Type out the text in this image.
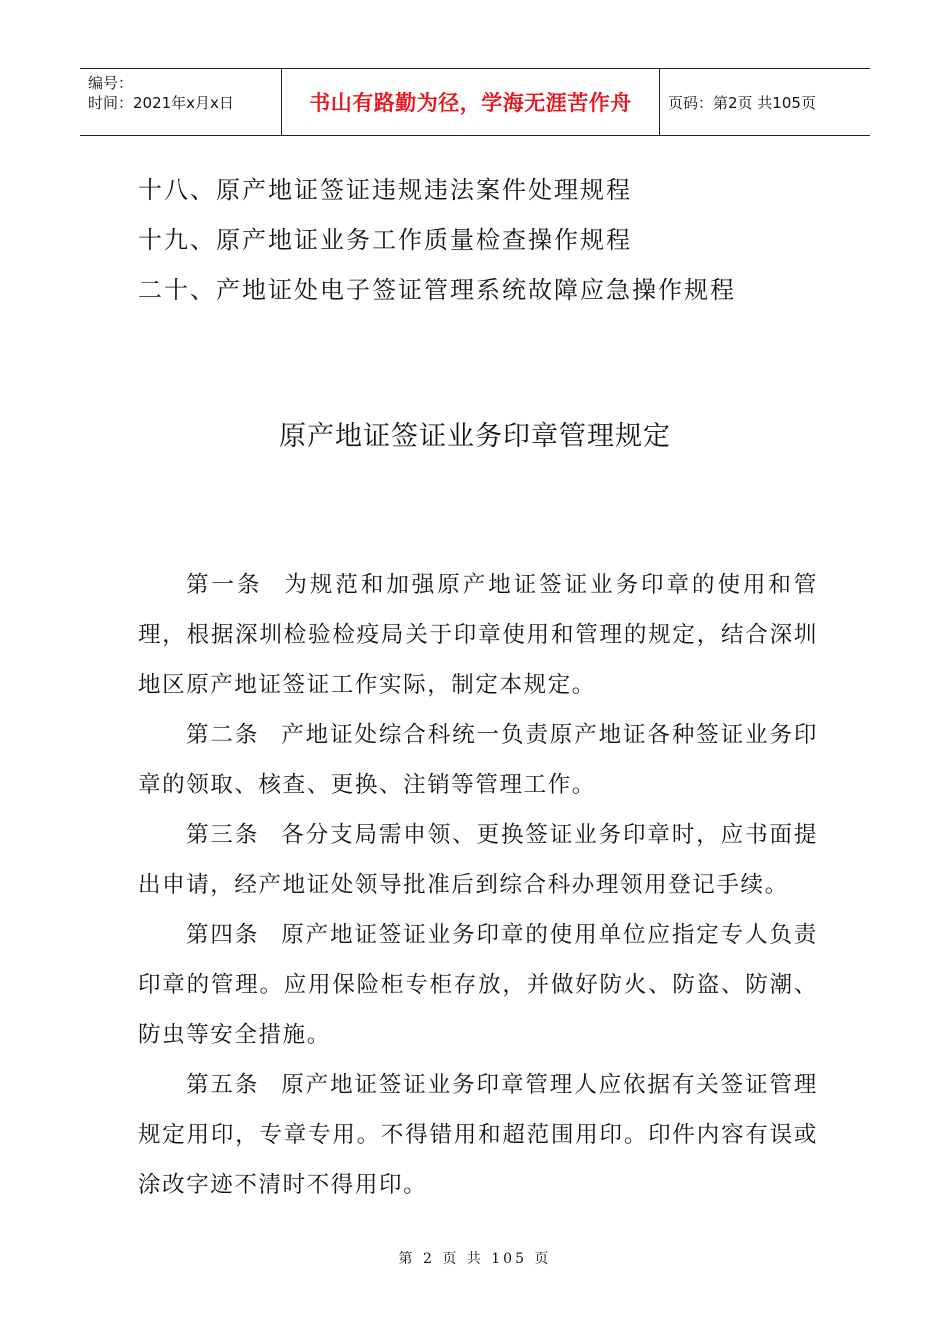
编号：
时间：2021年x月x日	书山有路勤为径，学海无涯苦作舟 页码：第2页 共105页
十八、原产地证签证违规违法案件处理规程
十九、原产地证业务工作质量检查操作规程
二十、产地证处电子签证管理系统故障应急操作规程
原产地证签证业务印章管理规定
第一条 为规范和加强原产地证签证业务印章的使用和管理，根据深圳检验检疫局关于印章使用和管理的规定，结合深圳地区原产地证签证工作实际，制定本规定。
第二条 产地证处综合科统一负责原产地证各种签证业务印章的领取、核查、更换、注销等管理工作。
第三条 各分支局需申领、更换签证业务印章时，应书面提出申请，经产地证处领导批准后到综合科办理领用登记手续。
第四条 原产地证签证业务印章的使用单位应指定专人负责印章的管理。应用保险柜专柜存放，并做好防火、防盗、防潮、防虫等安全措施。
第五条 原产地证签证业务印章管理人应依据有关签证管理规定用印，专章专用。不得错用和超范围用印。印件内容有误或涂改字迹不清时不得用印。
第 2 页 共 105 页
